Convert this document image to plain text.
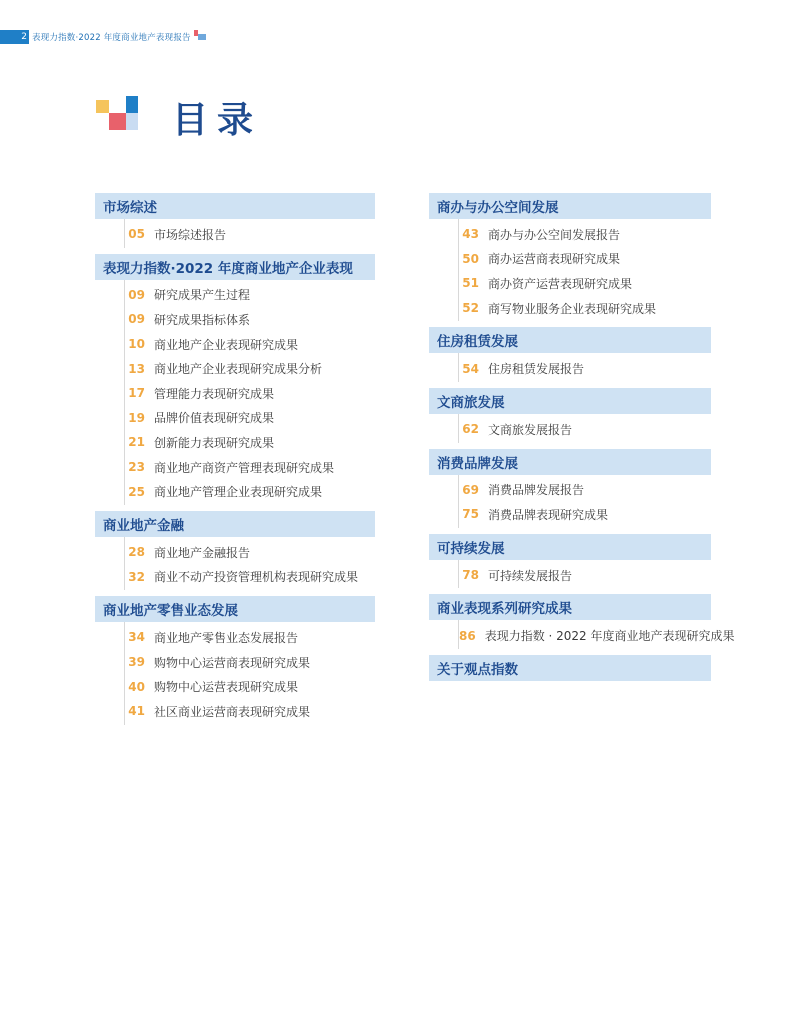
2 表现力指数·2022 年度商业地产表现报告
目录
市场综述
05 市场综述报告
表现力指数·2022 年度商业地产企业表现
09 研究成果产生过程
09 研究成果指标体系
10 商业地产企业表现研究成果
13 商业地产企业表现研究成果分析
17 管理能力表现研究成果
19 品牌价值表现研究成果
21 创新能力表现研究成果
23 商业地产商资产管理表现研究成果
25 商业地产管理企业表现研究成果
商业地产金融
28 商业地产金融报告
32 商业不动产投资管理机构表现研究成果
商业地产零售业态发展
34 商业地产零售业态发展报告
39 购物中心运营商表现研究成果
40 购物中心运营表现研究成果
41 社区商业运营商表现研究成果
商办与办公空间发展
43 商办与办公空间发展报告
50 商办运营商表现研究成果
51 商办资产运营表现研究成果
52 商写物业服务企业表现研究成果
住房租赁发展
54 住房租赁发展报告
文商旅发展
62 文商旅发展报告
消费品牌发展
69 消费品牌发展报告
75 消费品牌表现研究成果
可持续发展
78 可持续发展报告
商业表现系列研究成果
86 表现力指数 · 2022 年度商业地产表现研究成果
关于观点指数
